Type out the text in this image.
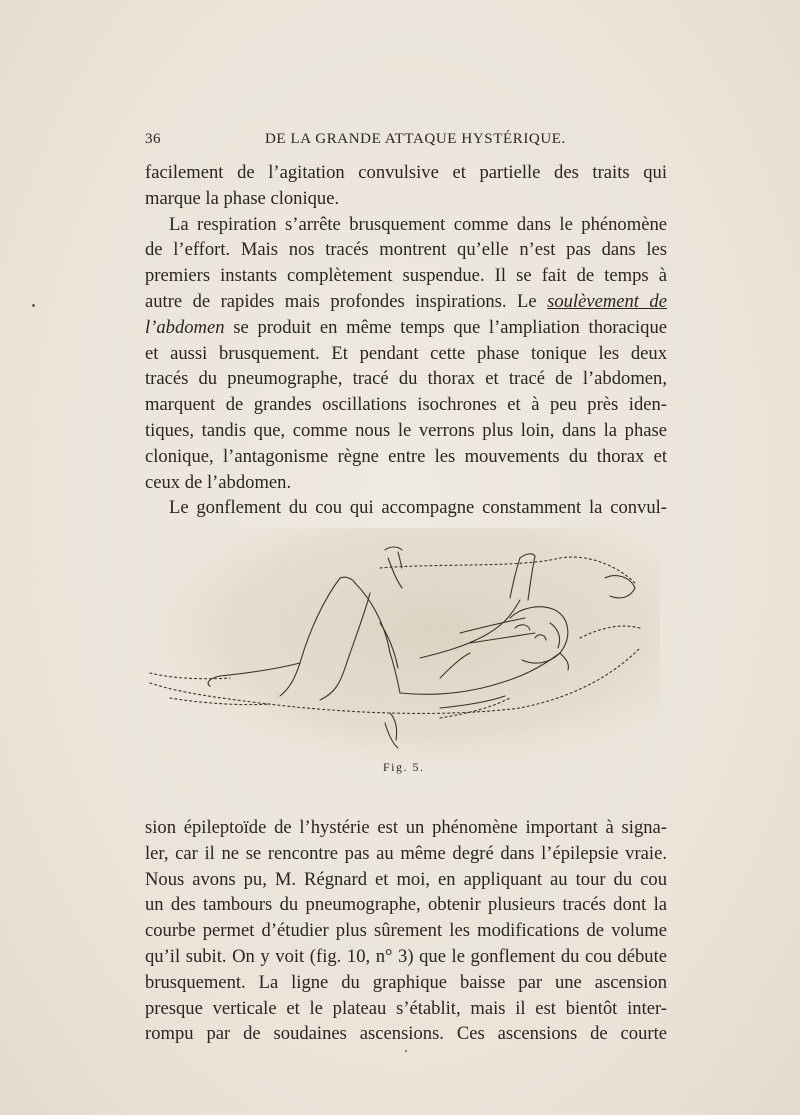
36	DE LA GRANDE ATTAQUE HYSTÉRIQUE.
facilement de l’agitation convulsive et partielle des traits qui
marque la phase clonique.
La respiration s’arrête brusquement comme dans le phénomène
de l’effort. Mais nos tracés montrent qu’elle n’est pas dans les
premiers instants complètement suspendue. Il se fait de temps à
autre de rapides mais profondes inspirations. Le soulèvement de
l’abdomen se produit en même temps que l’ampliation thoracique
et aussi brusquement. Et pendant cette phase tonique les deux
tracés du pneumographe, tracé du thorax et tracé de l’abdomen,
marquent de grandes oscillations isochrones et à peu près iden-
tiques, tandis que, comme nous le verrons plus loin, dans la phase
clonique, l’antagonisme règne entre les mouvements du thorax et
ceux de l’abdomen.
Le gonflement du cou qui accompagne constamment la convul-
Fig. 5.
sion épileptoïde de l’hystérie est un phénomène important à signa-
ler, car il ne se rencontre pas au même degré dans l’épilepsie vraie.
Nous avons pu, M. Régnard et moi, en appliquant au tour du cou
un des tambours du pneumographe, obtenir plusieurs tracés dont la
courbe permet d’étudier plus sûrement les modifications de volume
qu’il subit. On y voit (fig. 10, n° 3) que le gonflement du cou débute
brusquement. La ligne du graphique baisse par une ascension
presque verticale et le plateau s’établit, mais il est bientôt inter-
rompu par de soudaines ascensions. Ces ascensions de courte
